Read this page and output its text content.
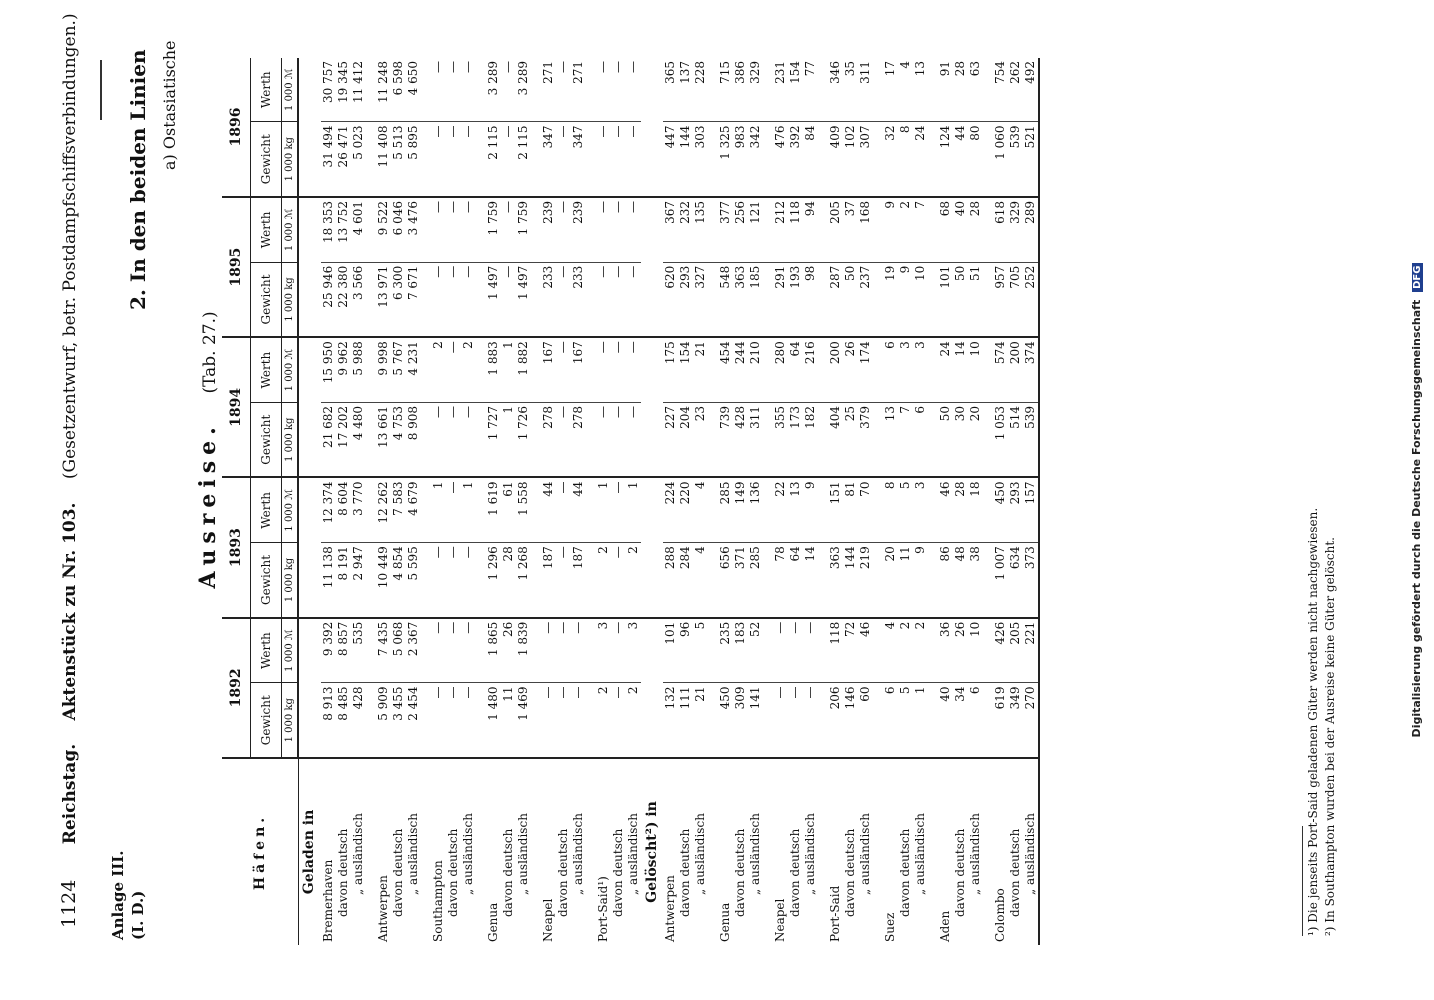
1124 Reichstag. Aktenstück zu Nr. 103. (Gesetzentwurf, betr. Postdampfschiffsverbindungen.)
Anlage III. (I. D.)
2. In den beiden Linien a) Ostasiatische
Ausreise. (Tab. 27.)
Häfen.	1892		1893		1894		1895		1896	
	Gewicht	Werth	Gewicht	Werth	Gewicht	Werth	Gewicht	Werth	Gewicht	Werth
	1 000 kg	1 000 ℳ	1 000 kg	1 000 ℳ	1 000 kg	1 000 ℳ	1 000 kg	1 000 ℳ	1 000 kg	1 000 ℳ
Geladen in										
Bremerhaven	8 913	9 392	11 138	12 374	21 682	15 950	25 946	18 353	31 494	30 757
davon deutsch	8 485	8 857	8 191	8 604	17 202	9 962	22 380	13 752	26 471	19 345
„ ausländisch	428	535	2 947	3 770	4 480	5 988	3 566	4 601	5 023	11 412

Antwerpen	5 909	7 435	10 449	12 262	13 661	9 998	13 971	9 522	11 408	11 248
davon deutsch	3 455	5 068	4 854	7 583	4 753	5 767	6 300	6 046	5 513	6 598
„ ausländisch	2 454	2 367	5 595	4 679	8 908	4 231	7 671	3 476	5 895	4 650

Southampton	—	—	—	1	—	2	—	—	—	—
davon deutsch	—	—	—	—	—	—	—	—	—	—
„ ausländisch	—	—	—	1	—	2	—	—	—	—

Genua	1 480	1 865	1 296	1 619	1 727	1 883	1 497	1 759	2 115	3 289
davon deutsch	11	26	28	61	1	1	—	—	—	—
„ ausländisch	1 469	1 839	1 268	1 558	1 726	1 882	1 497	1 759	2 115	3 289

Neapel	—	—	187	44	278	167	233	239	347	271
davon deutsch	—	—	—	—	—	—	—	—	—	—
„ ausländisch	—	—	187	44	278	167	233	239	347	271

Port-Said¹)	2	3	2	1	—	—	—	—	—	—
davon deutsch	—	—	—	—	—	—	—	—	—	—
„ ausländisch	2	3	2	1	—	—	—	—	—	—
Gelöscht²) in										
Antwerpen	132	101	288	224	227	175	620	367	447	365
davon deutsch	111	96	284	220	204	154	293	232	144	137
„ ausländisch	21	5	4	4	23	21	327	135	303	228

Genua	450	235	656	285	739	454	548	377	1 325	715
davon deutsch	309	183	371	149	428	244	363	256	983	386
„ ausländisch	141	52	285	136	311	210	185	121	342	329

Neapel	—	—	78	22	355	280	291	212	476	231
davon deutsch	—	—	64	13	173	64	193	118	392	154
„ ausländisch	—	—	14	9	182	216	98	94	84	77

Port-Said	206	118	363	151	404	200	287	205	409	346
davon deutsch	146	72	144	81	25	26	50	37	102	35
„ ausländisch	60	46	219	70	379	174	237	168	307	311

Suez	6	4	20	8	13	6	19	9	32	17
davon deutsch	5	2	11	5	7	3	9	2	8	4
„ ausländisch	1	2	9	3	6	3	10	7	24	13

Aden	40	36	86	46	50	24	101	68	124	91
davon deutsch	34	26	48	28	30	14	50	40	44	28
„ ausländisch	6	10	38	18	20	10	51	28	80	63

Colombo	619	426	1 007	450	1 053	574	957	618	1 060	754
davon deutsch	349	205	634	293	514	200	705	329	539	262
„ ausländisch	270	221	373	157	539	374	252	289	521	492
¹) Die jenseits Port-Said geladenen Güter werden nicht nachgewiesen. ²) In Southampton wurden bei der Ausreise keine Güter gelöscht.	Digitalisierung gefördert durch die Deutsche Forschungsgemeinschaft DFG
